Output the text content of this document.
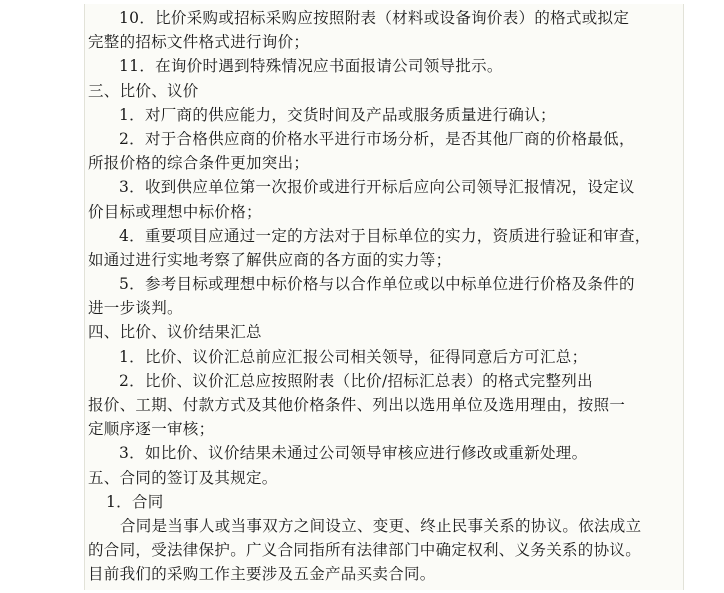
10．比价采购或招标采购应按照附表（材料或设备询价表）的格式或拟定
完整的招标文件格式进行询价；
11．在询价时遇到特殊情况应书面报请公司领导批示。
三、比价、议价
1．对厂商的供应能力，交货时间及产品或服务质量进行确认；
2．对于合格供应商的价格水平进行市场分析，是否其他厂商的价格最低，
所报价格的综合条件更加突出；
3．收到供应单位第一次报价或进行开标后应向公司领导汇报情况，设定议
价目标或理想中标价格；
4．重要项目应通过一定的方法对于目标单位的实力，资质进行验证和审查，
如通过进行实地考察了解供应商的各方面的实力等；
5．参考目标或理想中标价格与以合作单位或以中标单位进行价格及条件的
进一步谈判。
四、比价、议价结果汇总
1．比价、议价汇总前应汇报公司相关领导，征得同意后方可汇总；
2．比价、议价汇总应按照附表（比价/招标汇总表）的格式完整列出
报价、工期、付款方式及其他价格条件、列出以选用单位及选用理由，按照一
定顺序逐一审核；
3．如比价、议价结果未通过公司领导审核应进行修改或重新处理。
五、合同的签订及其规定。
1．合同
合同是当事人或当事双方之间设立、变更、终止民事关系的协议。依法成立
的合同，受法律保护。广义合同指所有法律部门中确定权利、义务关系的协议。
目前我们的采购工作主要涉及五金产品买卖合同。
